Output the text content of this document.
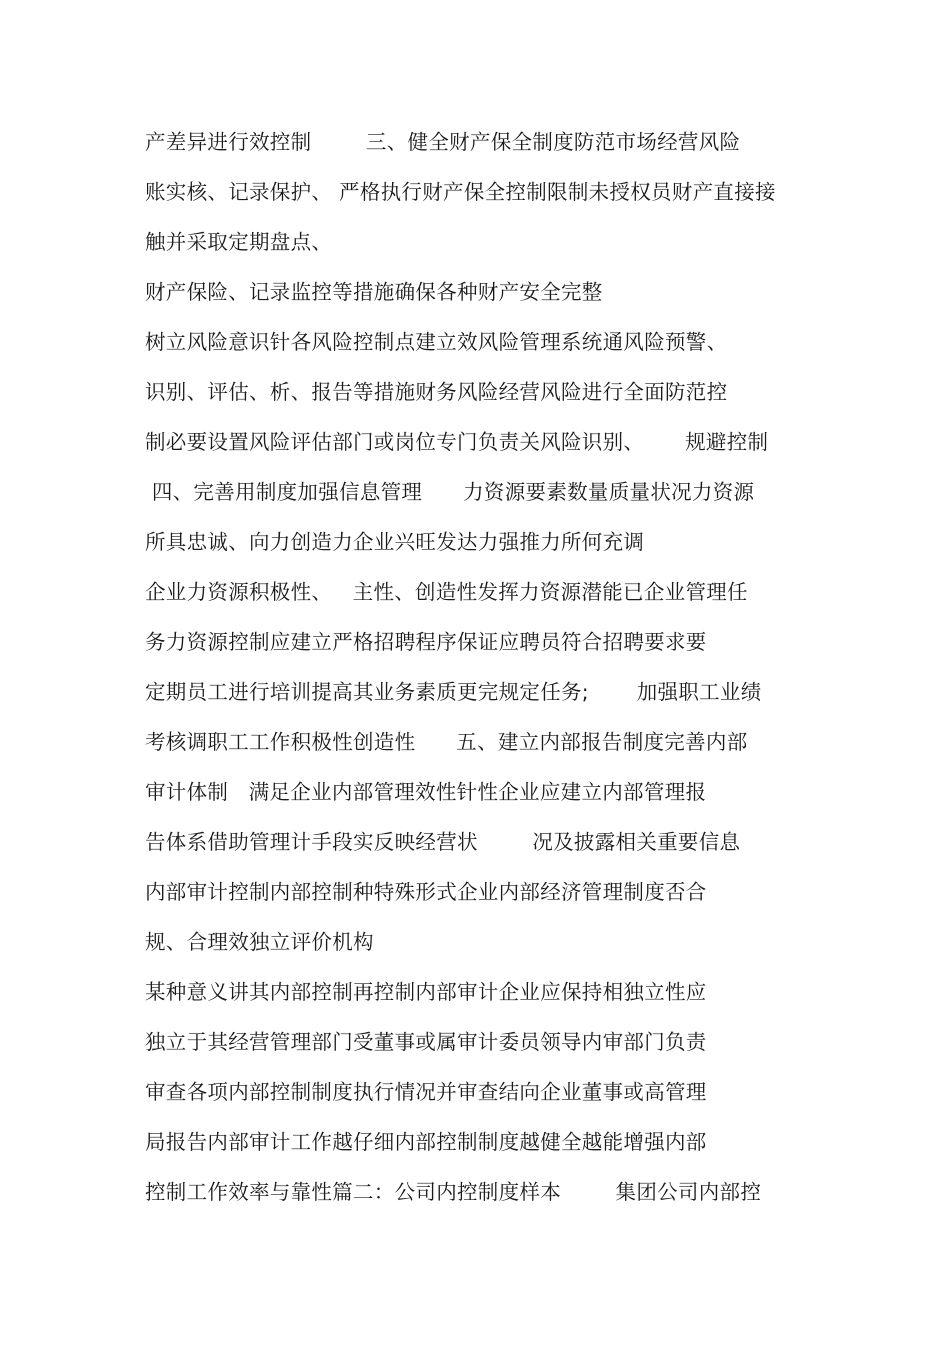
产差异进行效控制        三、健全财产保全制度防范市场经营风险
账实核、记录保护、 严格执行财产保全控制限制未授权员财产直接接
触并采取定期盘点、
财产保险、记录监控等措施确保各种财产安全完整
树立风险意识针各风险控制点建立效风险管理系统通风险预警、
识别、评估、析、报告等措施财务风险经营风险进行全面防范控
制必要设置风险评估部门或岗位专门负责关风险识别、      规避控制
四、完善用制度加强信息管理      力资源要素数量质量状况力资源
所具忠诚、向力创造力企业兴旺发达力强推力所何充调
企业力资源积极性、   主性、创造性发挥力资源潜能已企业管理任
务力资源控制应建立严格招聘程序保证应聘员符合招聘要求要
定期员工进行培训提高其业务素质更完规定任务;       加强职工业绩
考核调职工工作积极性创造性      五、建立内部报告制度完善内部
审计体制   满足企业内部管理效性针性企业应建立内部管理报
告体系借助管理计手段实反映经营状        况及披露相关重要信息
内部审计控制内部控制种特殊形式企业内部经济管理制度否合
规、合理效独立评价机构
某种意义讲其内部控制再控制内部审计企业应保持相独立性应
独立于其经营管理部门受董事或属审计委员领导内审部门负责
审查各项内部控制制度执行情况并审查结向企业董事或高管理
局报告内部审计工作越仔细内部控制制度越健全越能增强内部
控制工作效率与靠性篇二：公司内控制度样本        集团公司内部控
